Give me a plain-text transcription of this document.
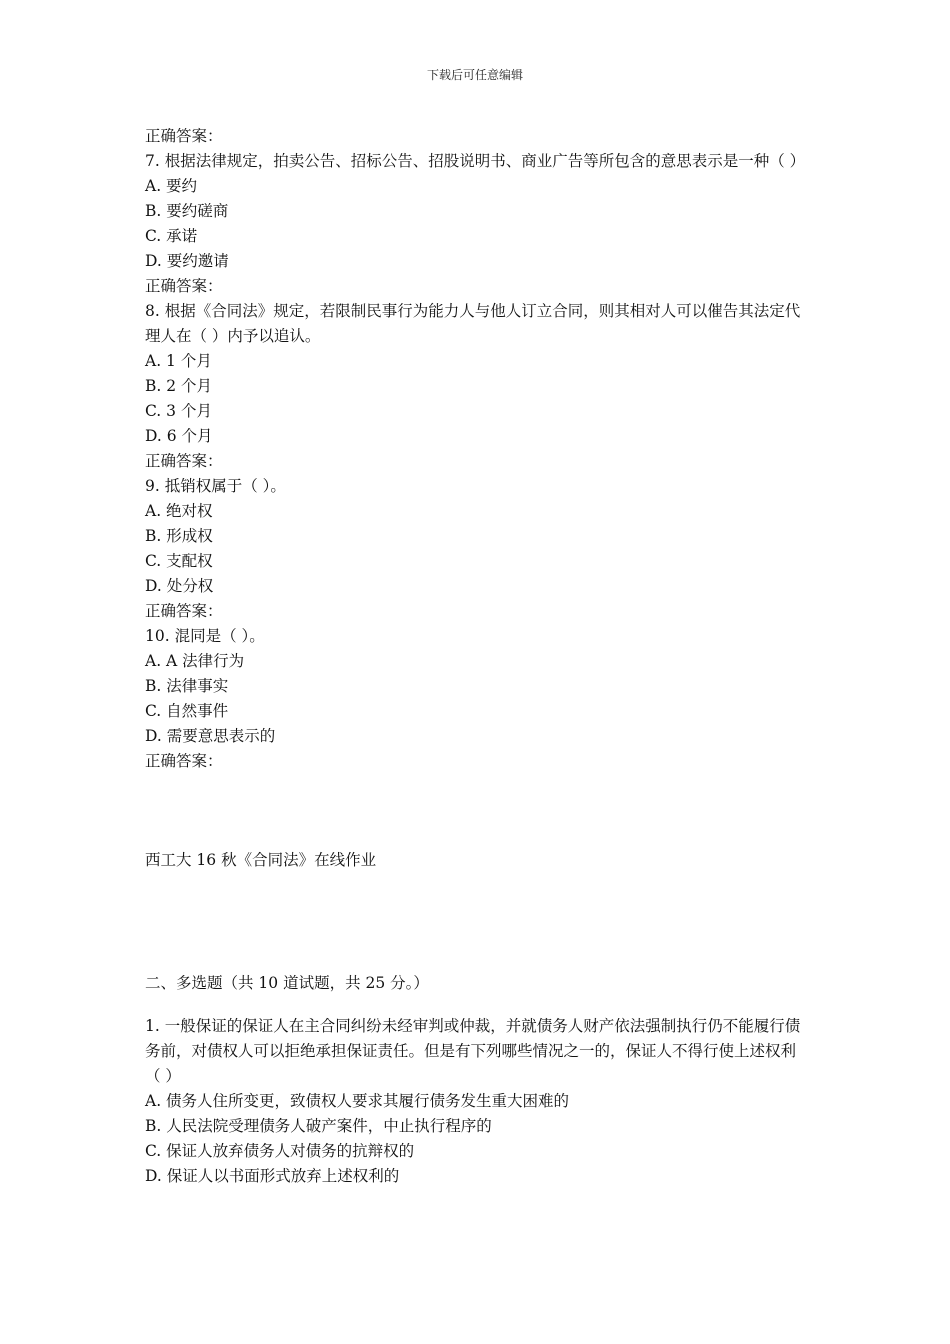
下载后可任意编辑
正确答案：
7. 根据法律规定，拍卖公告、招标公告、招股说明书、商业广告等所包含的意思表示是一种（ ）
A. 要约
B. 要约磋商
C. 承诺
D. 要约邀请
正确答案：
8. 根据《合同法》规定，若限制民事行为能力人与他人订立合同，则其相对人可以催告其法定代理人在（ ）内予以追认。
A. 1 个月
B. 2 个月
C. 3 个月
D. 6 个月
正确答案：
9. 抵销权属于（ ）。
A. 绝对权
B. 形成权
C. 支配权
D. 处分权
正确答案：
10. 混同是（ ）。
A. A 法律行为
B. 法律事实
C. 自然事件
D. 需要意思表示的
正确答案：
西工大 16 秋《合同法》在线作业
二、多选题（共 10 道试题，共 25 分。）
1. 一般保证的保证人在主合同纠纷未经审判或仲裁，并就债务人财产依法强制执行仍不能履行债务前，对债权人可以拒绝承担保证责任。但是有下列哪些情况之一的，保证人不得行使上述权利（ ）
A. 债务人住所变更，致债权人要求其履行债务发生重大困难的
B. 人民法院受理债务人破产案件，中止执行程序的
C. 保证人放弃债务人对债务的抗辩权的
D. 保证人以书面形式放弃上述权利的
